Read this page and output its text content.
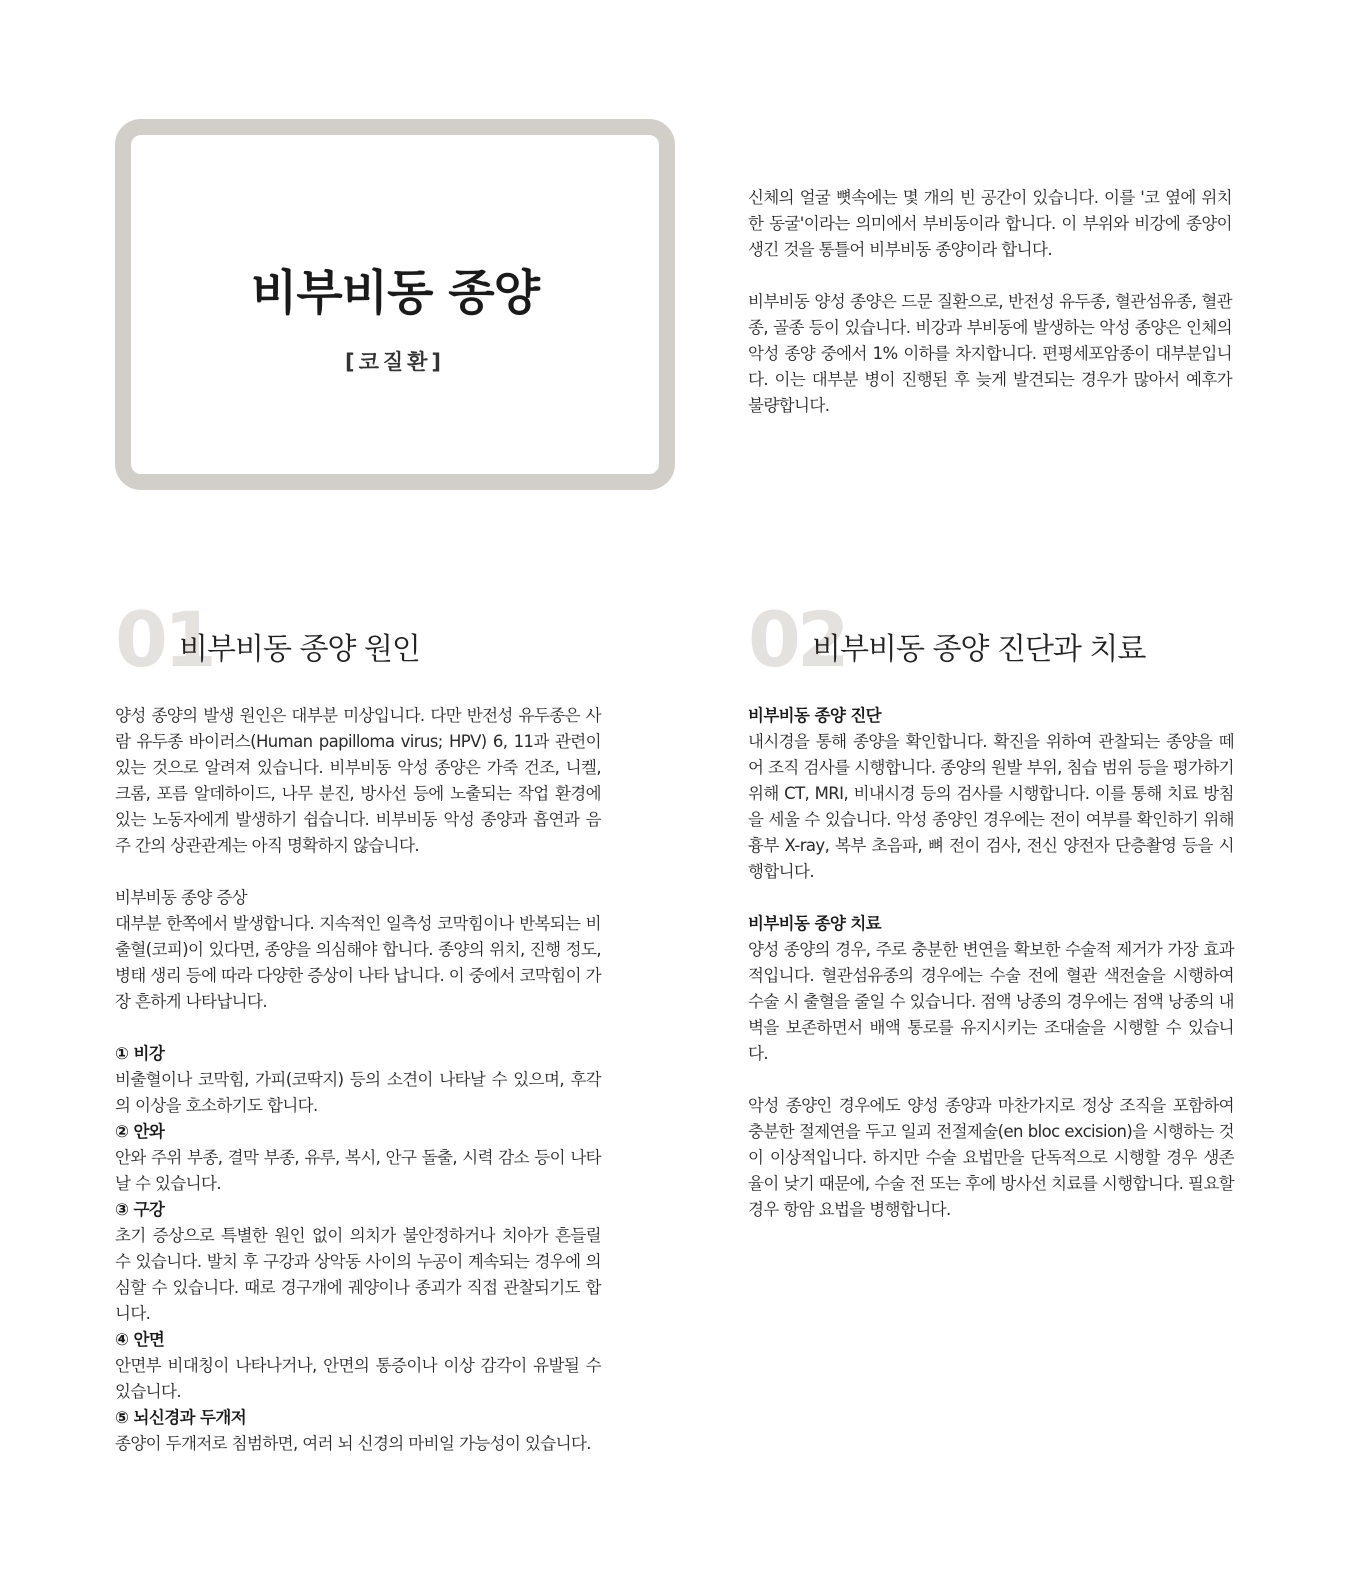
비부비동 종양
[코질환]

신체의 얼굴 뼛속에는 몇 개의 빈 공간이 있습니다. 이를 '코 옆에 위치한 동굴'이라는 의미에서 부비동이라 합니다. 이 부위와 비강에 종양이 생긴 것을 통틀어 비부비동 종양이라 합니다.

비부비동 양성 종양은 드문 질환으로, 반전성 유두종, 혈관섬유종, 혈관종, 골종 등이 있습니다. 비강과 부비동에 발생하는 악성 종양은 인체의 악성 종양 중에서 1% 이하를 차지합니다. 편평세포암종이 대부분입니다. 이는 대부분 병이 진행된 후 늦게 발견되는 경우가 많아서 예후가 불량합니다.

01
비부비동 종양 원인

양성 종양의 발생 원인은 대부분 미상입니다. 다만 반전성 유두종은 사람 유두종 바이러스(Human papilloma virus; HPV) 6, 11과 관련이 있는 것으로 알려져 있습니다. 비부비동 악성 종양은 가죽 건조, 니켈, 크롬, 포름 알데하이드, 나무 분진, 방사선 등에 노출되는 작업 환경에 있는 노동자에게 발생하기 쉽습니다. 비부비동 악성 종양과 흡연과 음주 간의 상관관계는 아직 명확하지 않습니다.

비부비동 종양 증상

대부분 한쪽에서 발생합니다. 지속적인 일측성 코막힘이나 반복되는 비출혈(코피)이 있다면, 종양을 의심해야 합니다. 종양의 위치, 진행 정도, 병태 생리 등에 따라 다양한 증상이 나타 납니다. 이 중에서 코막힘이 가장 흔하게 나타납니다.

① 비강

비출혈이나 코막힘, 가피(코딱지) 등의 소견이 나타날 수 있으며, 후각의 이상을 호소하기도 합니다.

② 안와

안와 주위 부종, 결막 부종, 유루, 복시, 안구 돌출, 시력 감소 등이 나타날 수 있습니다.

③ 구강

초기 증상으로 특별한 원인 없이 의치가 불안정하거나 치아가 흔들릴 수 있습니다. 발치 후 구강과 상악동 사이의 누공이 계속되는 경우에 의심할 수 있습니다. 때로 경구개에 궤양이나 종괴가 직접 관찰되기도 합니다.

④ 안면

안면부 비대칭이 나타나거나, 안면의 통증이나 이상 감각이 유발될 수 있습니다.

⑤ 뇌신경과 두개저

종양이 두개저로 침범하면, 여러 뇌 신경의 마비일 가능성이 있습니다.

02
비부비동 종양 진단과 치료

비부비동 종양 진단

내시경을 통해 종양을 확인합니다. 확진을 위하여 관찰되는 종양을 떼어 조직 검사를 시행합니다. 종양의 원발 부위, 침습 범위 등을 평가하기 위해 CT, MRI, 비내시경 등의 검사를 시행합니다. 이를 통해 치료 방침을 세울 수 있습니다. 악성 종양인 경우에는 전이 여부를 확인하기 위해 흉부 X-ray, 복부 초음파, 뼈 전이 검사, 전신 양전자 단층촬영 등을 시행합니다.

비부비동 종양 치료

양성 종양의 경우, 주로 충분한 변연을 확보한 수술적 제거가 가장 효과적입니다. 혈관섬유종의 경우에는 수술 전에 혈관 색전술을 시행하여 수술 시 출혈을 줄일 수 있습니다. 점액 낭종의 경우에는 점액 낭종의 내벽을 보존하면서 배액 통로를 유지시키는 조대술을 시행할 수 있습니다.

악성 종양인 경우에도 양성 종양과 마찬가지로 정상 조직을 포함하여 충분한 절제연을 두고 일괴 전절제술(en bloc excision)을 시행하는 것이 이상적입니다. 하지만 수술 요법만을 단독적으로 시행할 경우 생존율이 낮기 때문에, 수술 전 또는 후에 방사선 치료를 시행합니다. 필요할 경우 항암 요법을 병행합니다.
